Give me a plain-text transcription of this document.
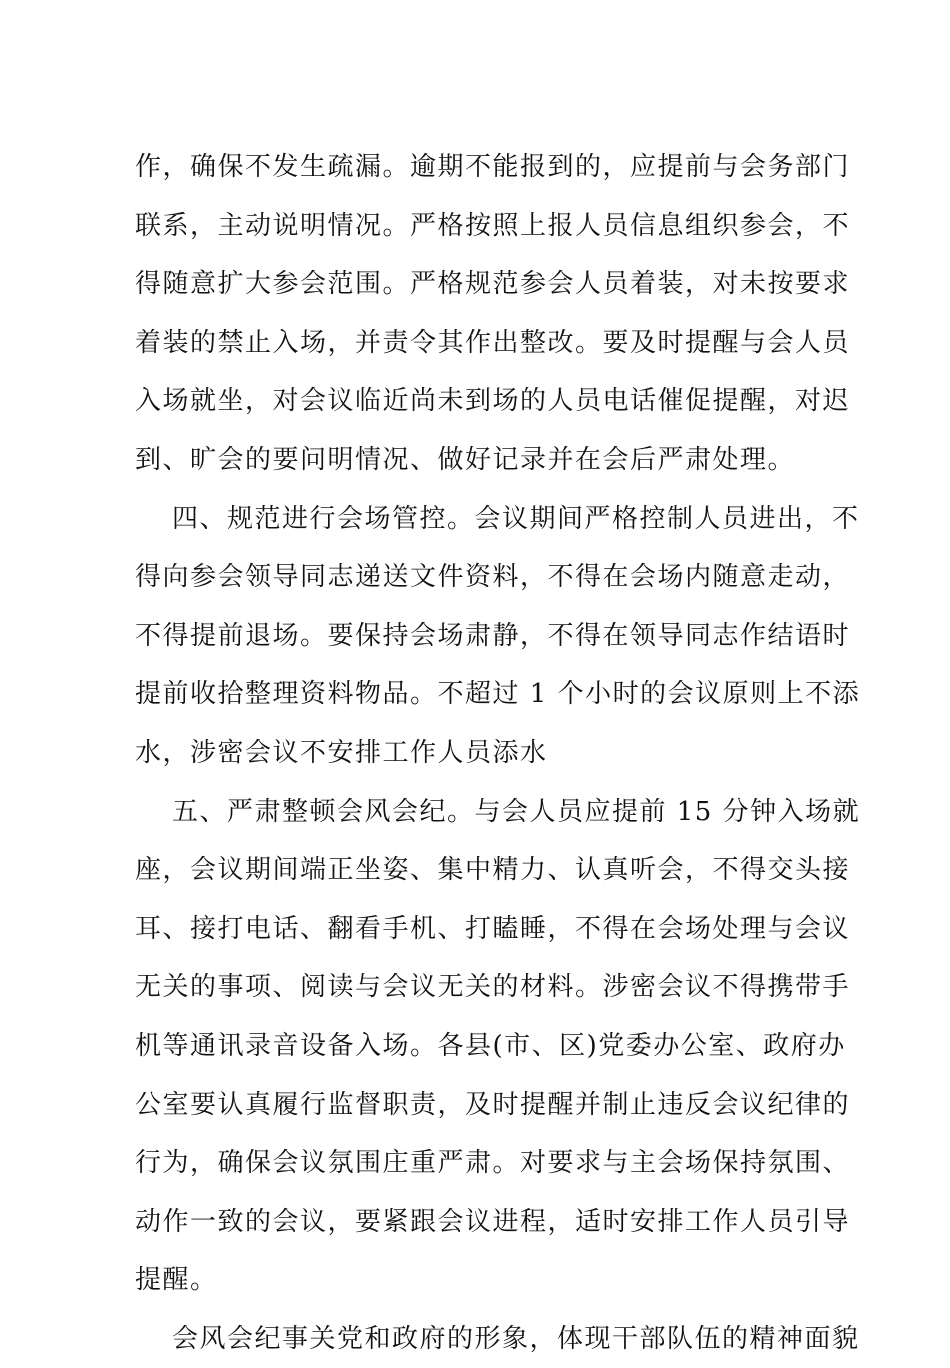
作，确保不发生疏漏。逾期不能报到的，应提前与会务部门
联系，主动说明情况。严格按照上报人员信息组织参会，不
得随意扩大参会范围。严格规范参会人员着装，对未按要求
着装的禁止入场，并责令其作出整改。要及时提醒与会人员
入场就坐，对会议临近尚未到场的人员电话催促提醒，对迟
到、旷会的要问明情况、做好记录并在会后严肃处理。
四、规范进行会场管控。会议期间严格控制人员进出，不
得向参会领导同志递送文件资料，不得在会场内随意走动，
不得提前退场。要保持会场肃静，不得在领导同志作结语时
提前收拾整理资料物品。不超过 1 个小时的会议原则上不添
水，涉密会议不安排工作人员添水
五、严肃整顿会风会纪。与会人员应提前 15 分钟入场就
座，会议期间端正坐姿、集中精力、认真听会，不得交头接
耳、接打电话、翻看手机、打瞌睡，不得在会场处理与会议
无关的事项、阅读与会议无关的材料。涉密会议不得携带手
机等通讯录音设备入场。各县(市、区)党委办公室、政府办
公室要认真履行监督职责，及时提醒并制止违反会议纪律的
行为，确保会议氛围庄重严肃。对要求与主会场保持氛围、
动作一致的会议，要紧跟会议进程，适时安排工作人员引导
提醒。
会风会纪事关党和政府的形象，体现干部队伍的精神面貌
